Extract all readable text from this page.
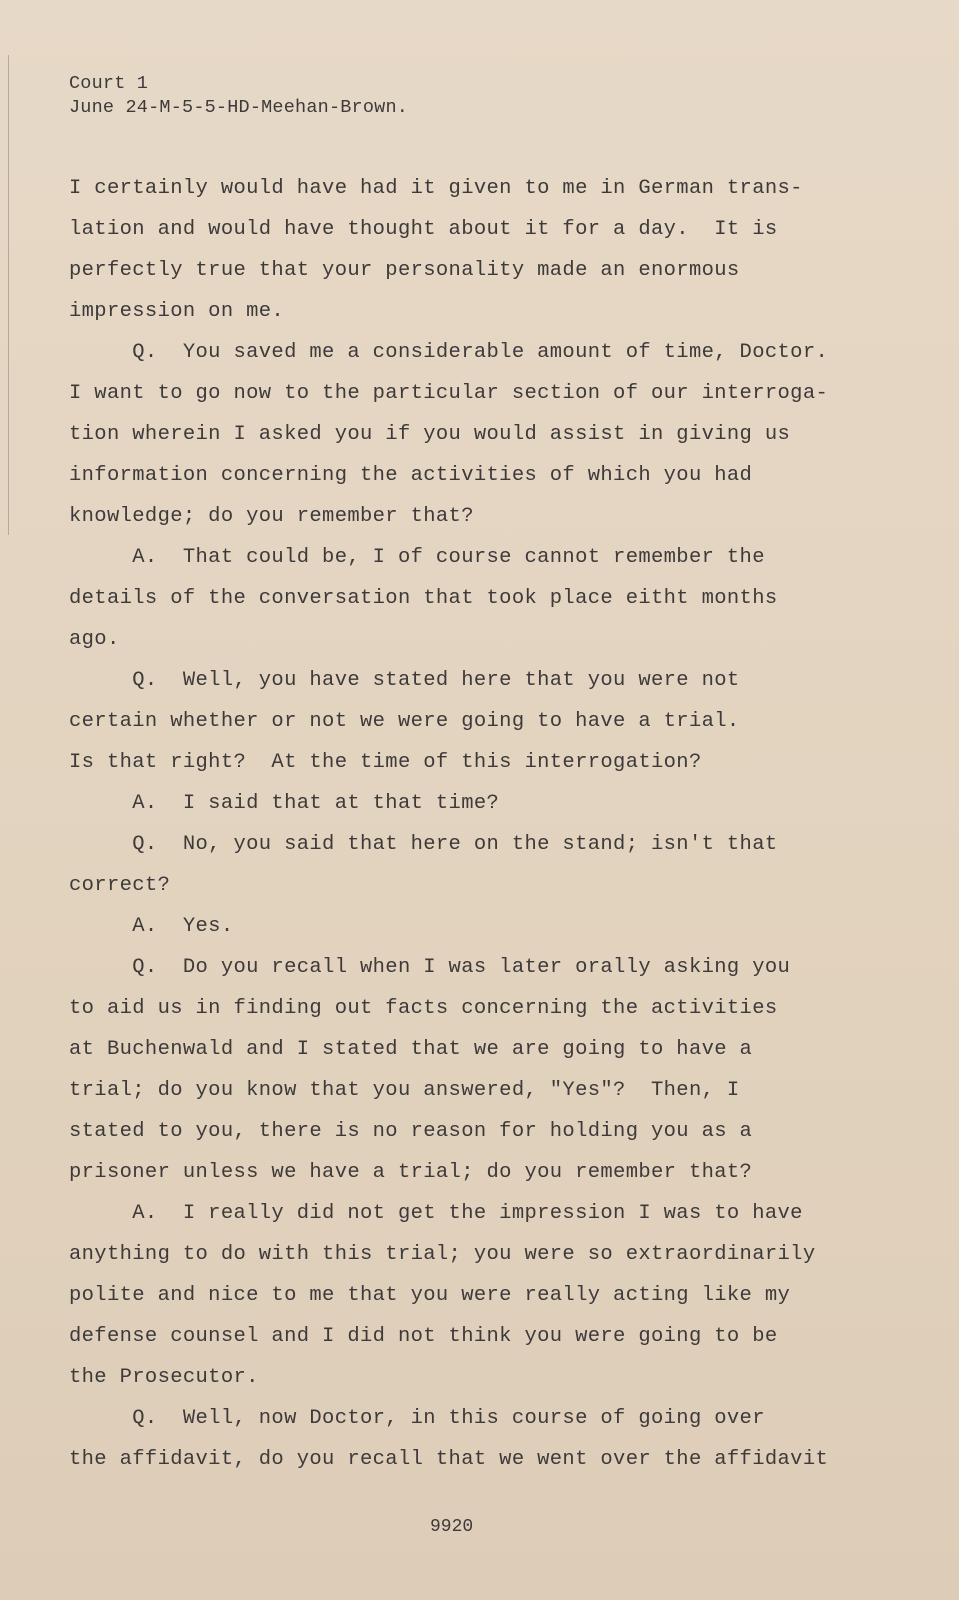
Court 1
June 24-M-5-5-HD-Meehan-Brown.
I certainly would have had it given to me in German trans-
lation and would have thought about it for a day.  It is
perfectly true that your personality made an enormous
impression on me.
Q.  You saved me a considerable amount of time, Doctor.
I want to go now to the particular section of our interroga-
tion wherein I asked you if you would assist in giving us
information concerning the activities of which you had
knowledge; do you remember that?
A.  That could be, I of course cannot remember the
details of the conversation that took place eitht months
ago.
Q.  Well, you have stated here that you were not
certain whether or not we were going to have a trial.
Is that right?  At the time of this interrogation?
A.  I said that at that time?
Q.  No, you said that here on the stand; isn't that
correct?
A.  Yes.
Q.  Do you recall when I was later orally asking you
to aid us in finding out facts concerning the activities
at Buchenwald and I stated that we are going to have a
trial; do you know that you answered, "Yes"?  Then, I
stated to you, there is no reason for holding you as a
prisoner unless we have a trial; do you remember that?
A.  I really did not get the impression I was to have
anything to do with this trial; you were so extraordinarily
polite and nice to me that you were really acting like my
defense counsel and I did not think you were going to be
the Prosecutor.
Q.  Well, now Doctor, in this course of going over
the affidavit, do you recall that we went over the affidavit
9920
